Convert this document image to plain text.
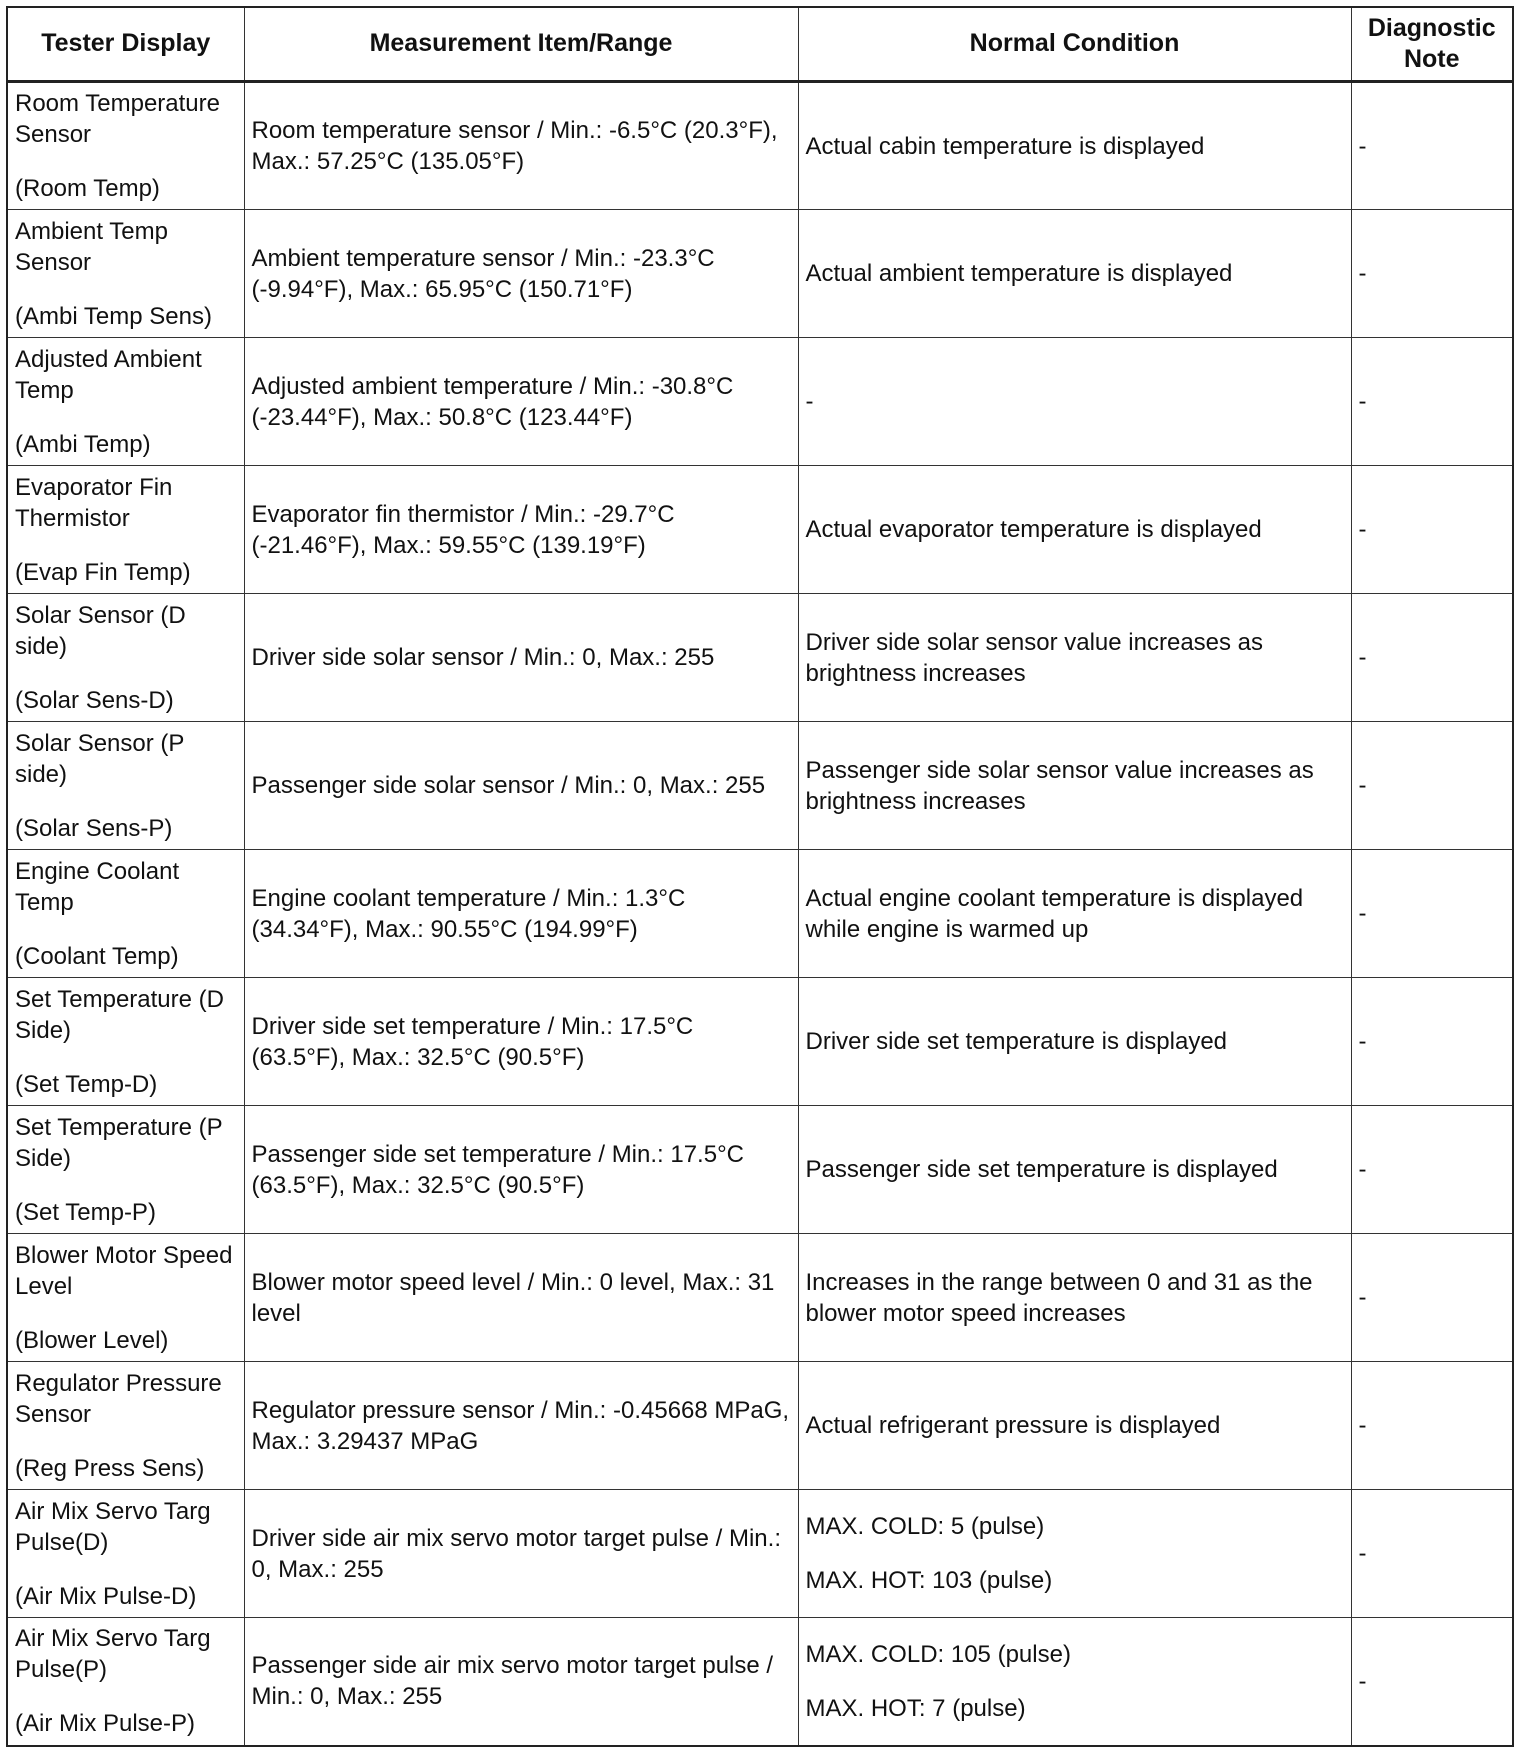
Tester Display	Measurement Item/Range	Normal Condition	Diagnostic Note

Room Temperature Sensor
(Room Temp)	Room temperature sensor / Min.: -6.5°C (20.3°F), Max.: 57.25°C (135.05°F)	Actual cabin temperature is displayed	-

Ambient Temp Sensor
(Ambi Temp Sens)	Ambient temperature sensor / Min.: -23.3°C (-9.94°F), Max.: 65.95°C (150.71°F)	Actual ambient temperature is displayed	-

Adjusted Ambient Temp
(Ambi Temp)	Adjusted ambient temperature / Min.: -30.8°C (-23.44°F), Max.: 50.8°C (123.44°F)	-	-

Evaporator Fin Thermistor
(Evap Fin Temp)	Evaporator fin thermistor / Min.: -29.7°C (-21.46°F), Max.: 59.55°C (139.19°F)	Actual evaporator temperature is displayed	-

Solar Sensor (D side)
(Solar Sens-D)	Driver side solar sensor / Min.: 0, Max.: 255	Driver side solar sensor value increases as brightness increases	-

Solar Sensor (P side)
(Solar Sens-P)	Passenger side solar sensor / Min.: 0, Max.: 255	Passenger side solar sensor value increases as brightness increases	-

Engine Coolant Temp
(Coolant Temp)	Engine coolant temperature / Min.: 1.3°C (34.34°F), Max.: 90.55°C (194.99°F)	Actual engine coolant temperature is displayed while engine is warmed up	-

Set Temperature (D Side)
(Set Temp-D)	Driver side set temperature / Min.: 17.5°C (63.5°F), Max.: 32.5°C (90.5°F)	Driver side set temperature is displayed	-

Set Temperature (P Side)
(Set Temp-P)	Passenger side set temperature / Min.: 17.5°C (63.5°F), Max.: 32.5°C (90.5°F)	Passenger side set temperature is displayed	-

Blower Motor Speed Level
(Blower Level)	Blower motor speed level / Min.: 0 level, Max.: 31 level	Increases in the range between 0 and 31 as the blower motor speed increases	-

Regulator Pressure Sensor
(Reg Press Sens)	Regulator pressure sensor / Min.: -0.45668 MPaG, Max.: 3.29437 MPaG	Actual refrigerant pressure is displayed	-

Air Mix Servo Targ Pulse(D)
(Air Mix Pulse-D)	Driver side air mix servo motor target pulse / Min.: 0, Max.: 255	MAX. COLD: 5 (pulse)
MAX. HOT: 103 (pulse)	-

Air Mix Servo Targ Pulse(P)
(Air Mix Pulse-P)	Passenger side air mix servo motor target pulse / Min.: 0, Max.: 255	MAX. COLD: 105 (pulse)
MAX. HOT: 7 (pulse)	-
